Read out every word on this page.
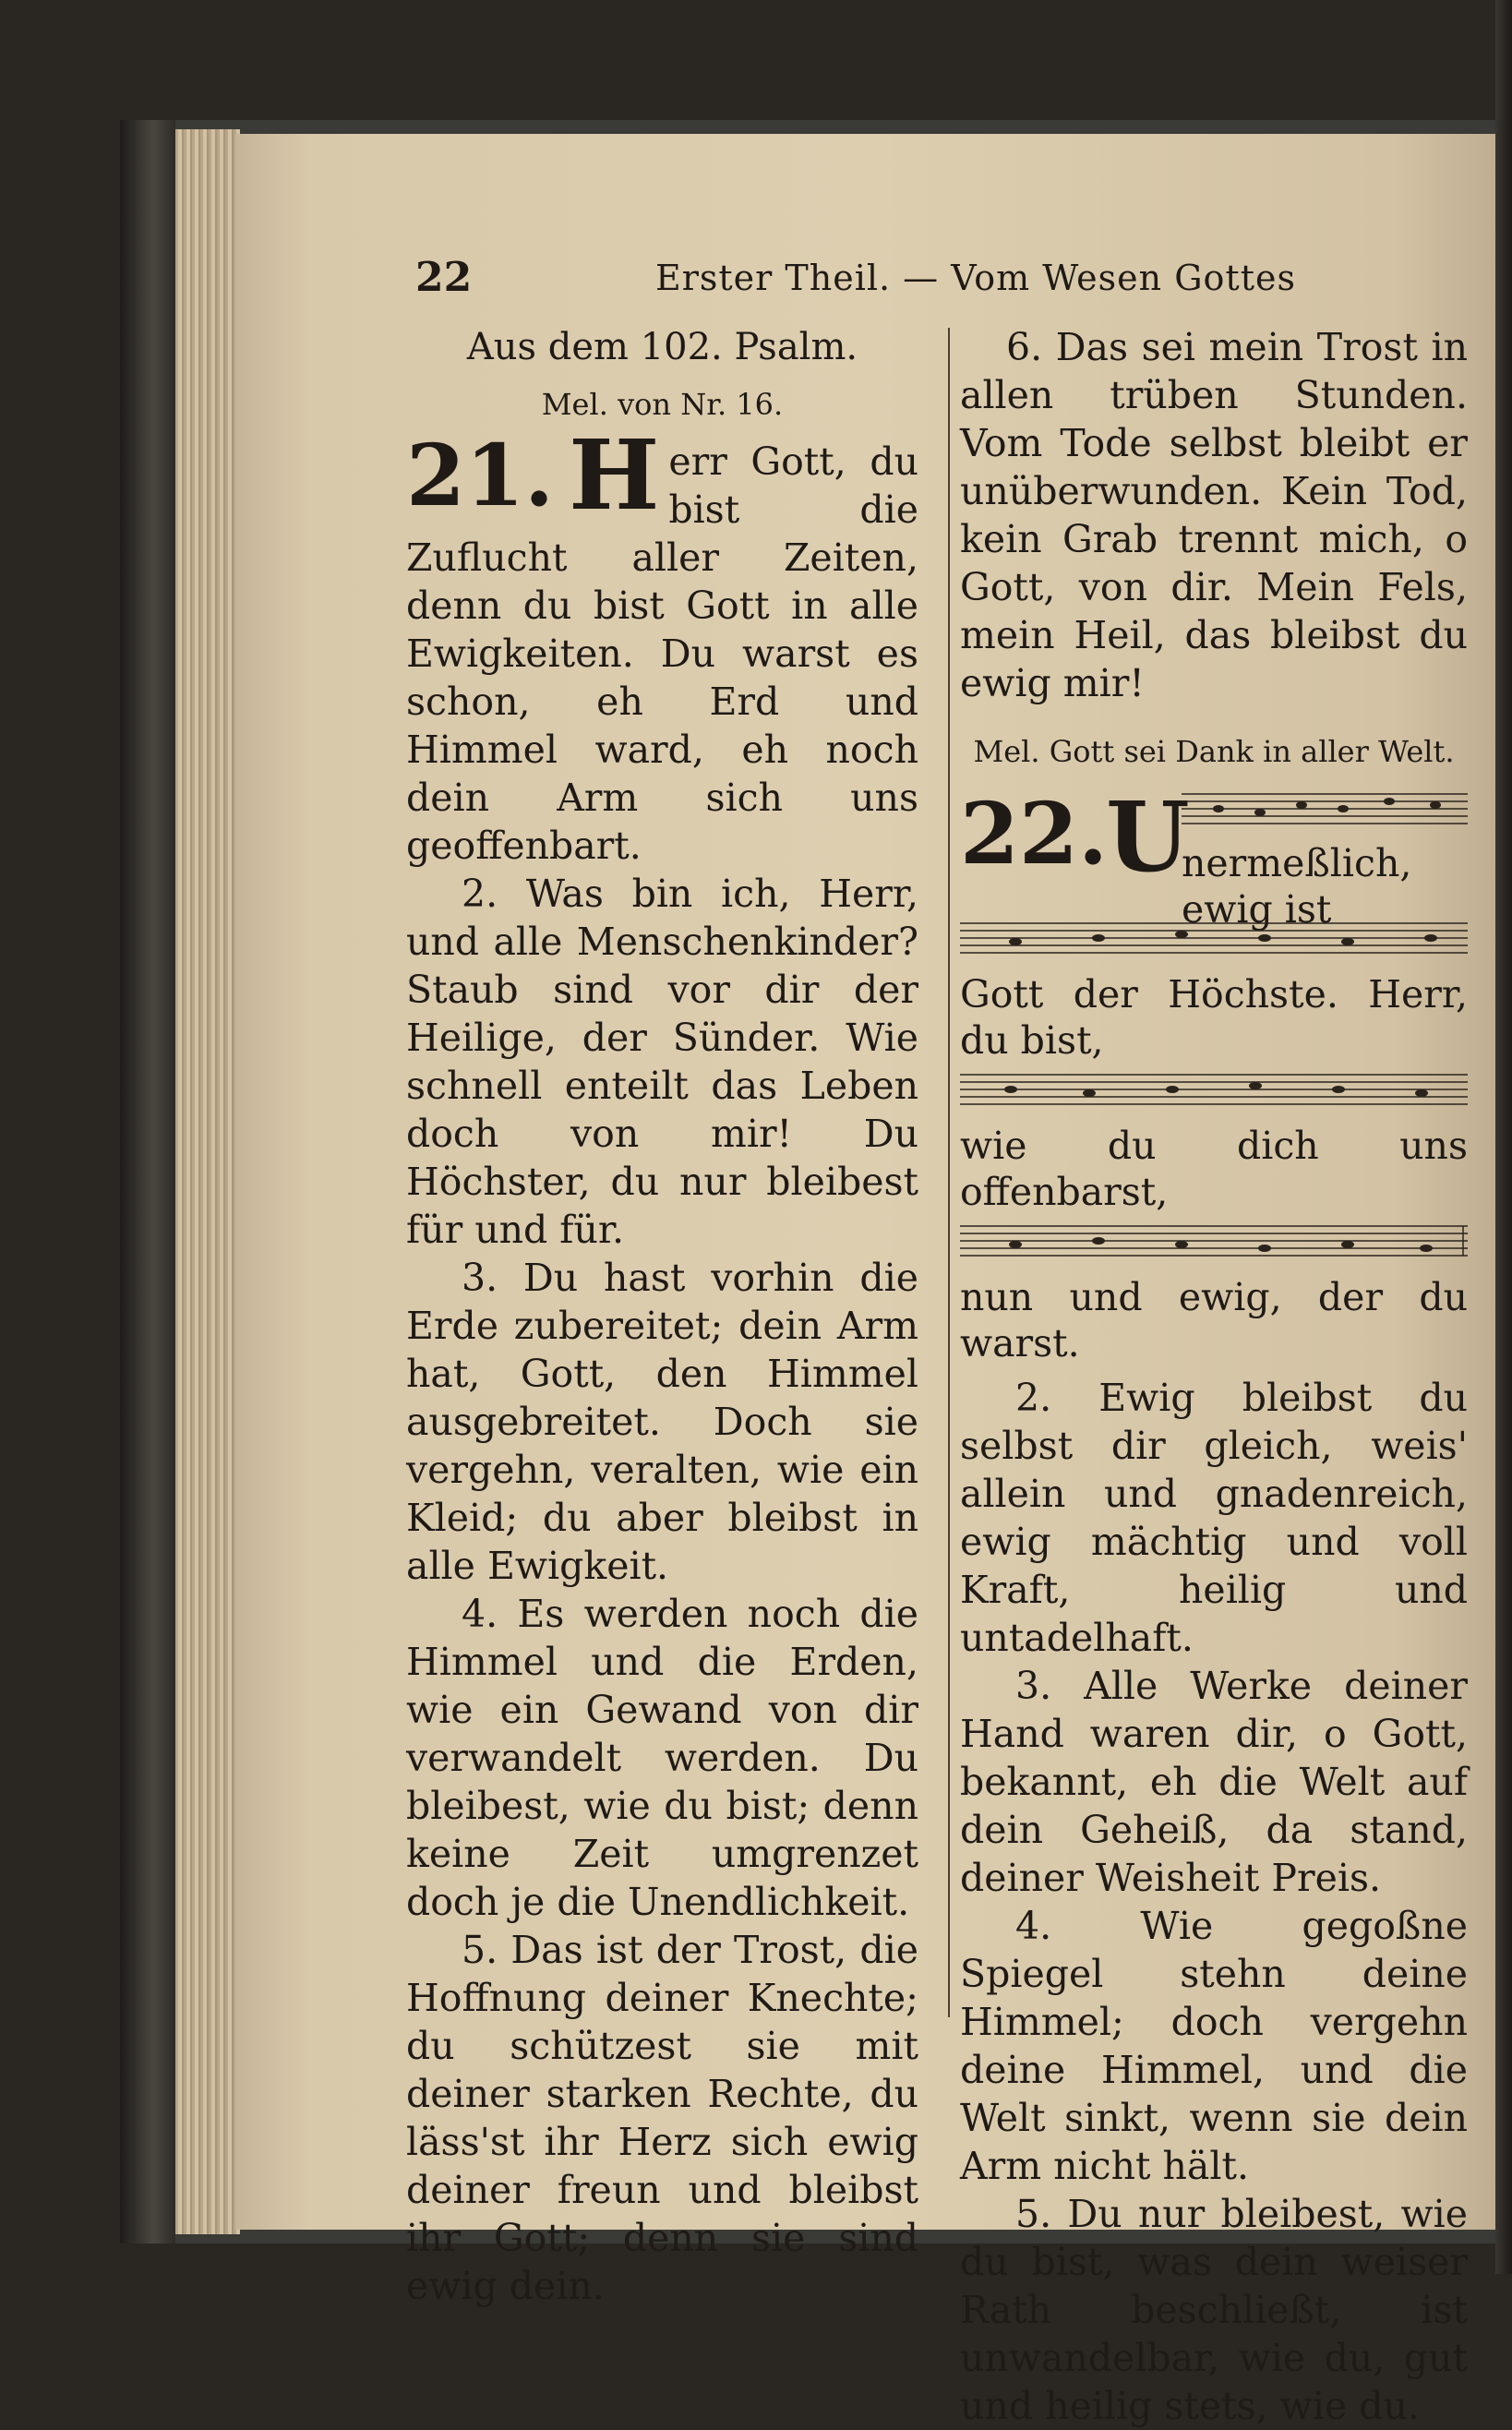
22	Erster Theil. — Vom Wesen Gottes

Aus dem 102. Psalm.

Mel. von Nr. 16.

21. H err Gott, du bist die Zuflucht aller Zeiten, denn du bist Gott in alle Ewigkeiten. Du warst es schon, eh Erd und Himmel ward, eh noch dein Arm sich uns geoffenbart.

2. Was bin ich, Herr, und alle Menschenkinder? Staub sind vor dir der Heilige, der Sünder. Wie schnell enteilt das Leben doch von mir! Du Höchster, du nur bleibest für und für.

3. Du hast vorhin die Erde zubereitet; dein Arm hat, Gott, den Himmel ausgebreitet. Doch sie vergehn, veralten, wie ein Kleid; du aber bleibst in alle Ewigkeit.

4. Es werden noch die Himmel und die Erden, wie ein Gewand von dir verwandelt werden. Du bleibest, wie du bist; denn keine Zeit umgrenzet doch je die Unendlichkeit.

5. Das ist der Trost, die Hoffnung deiner Knechte; du schützest sie mit deiner starken Rechte, du läss'st ihr Herz sich ewig deiner freun und bleibst ihr Gott; denn sie sind ewig dein.

6. Das sei mein Trost in allen trüben Stunden. Vom Tode selbst bleibt er unüberwunden. Kein Tod, kein Grab trennt mich, o Gott, von dir. Mein Fels, mein Heil, das bleibst du ewig mir!

Mel. Gott sei Dank in aller Welt.

22.
U
nermeßlich, ewig ist
Gott der Höchste. Herr, du bist,
wie du dich uns offenbarst,
nun und ewig, der du warst.

2. Ewig bleibst du selbst dir gleich, weis' allein und gnadenreich, ewig mächtig und voll Kraft, heilig und untadelhaft.

3. Alle Werke deiner Hand waren dir, o Gott, bekannt, eh die Welt auf dein Geheiß, da stand, deiner Weisheit Preis.

4. Wie gegoßne Spiegel stehn deine Himmel; doch vergehn deine Himmel, und die Welt sinkt, wenn sie dein Arm nicht hält.

5. Du nur bleibest, wie du bist, was dein weiser Rath beschließt, ist unwandelbar, wie du, gut und heilig stets, wie du.
